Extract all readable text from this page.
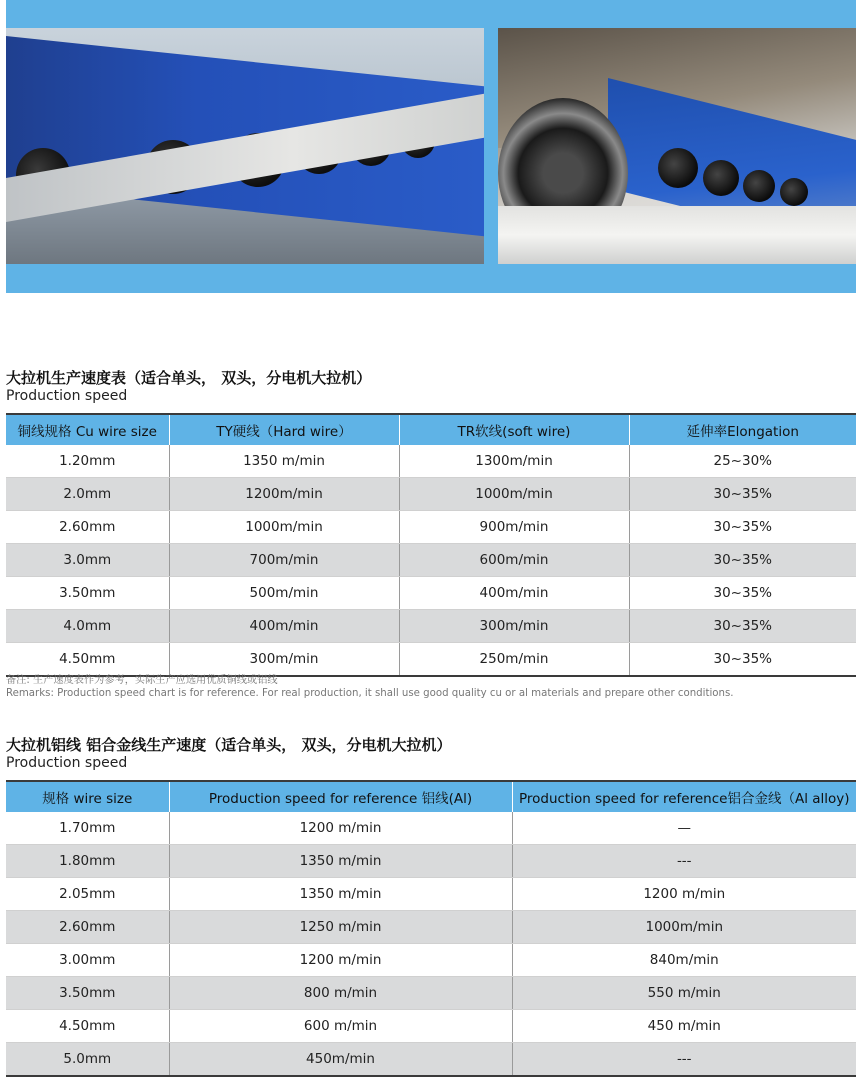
大拉机生产速度表（适合单头， 双头，分电机大拉机）
Production speed
铜线规格 Cu wire size	TY硬线（Hard wire）	TR软线(soft wire)	延伸率Elongation
1.20mm	1350 m/min	1300m/min	25~30%
2.0mm	1200m/min	1000m/min	30~35%
2.60mm	1000m/min	900m/min	30~35%
3.0mm	700m/min	600m/min	30~35%
3.50mm	500m/min	400m/min	30~35%
4.0mm	400m/min	300m/min	30~35%
4.50mm	300m/min	250m/min	30~35%
备注: 生产速度表作为参考，实际生产应选用优质铜线或铝线
Remarks: Production speed chart is for reference. For real production, it shall use good quality cu or al materials and prepare other conditions.
大拉机铝线 铝合金线生产速度（适合单头， 双头，分电机大拉机）
Production speed
规格 wire size	Production speed for reference 铝线(Al)	Production speed for reference铝合金线（Al alloy)
1.70mm	1200 m/min	—
1.80mm	1350 m/min	---
2.05mm	1350 m/min	1200 m/min
2.60mm	1250 m/min	1000m/min
3.00mm	1200 m/min	840m/min
3.50mm	800 m/min	550 m/min
4.50mm	600 m/min	450 m/min
5.0mm	450m/min	---
